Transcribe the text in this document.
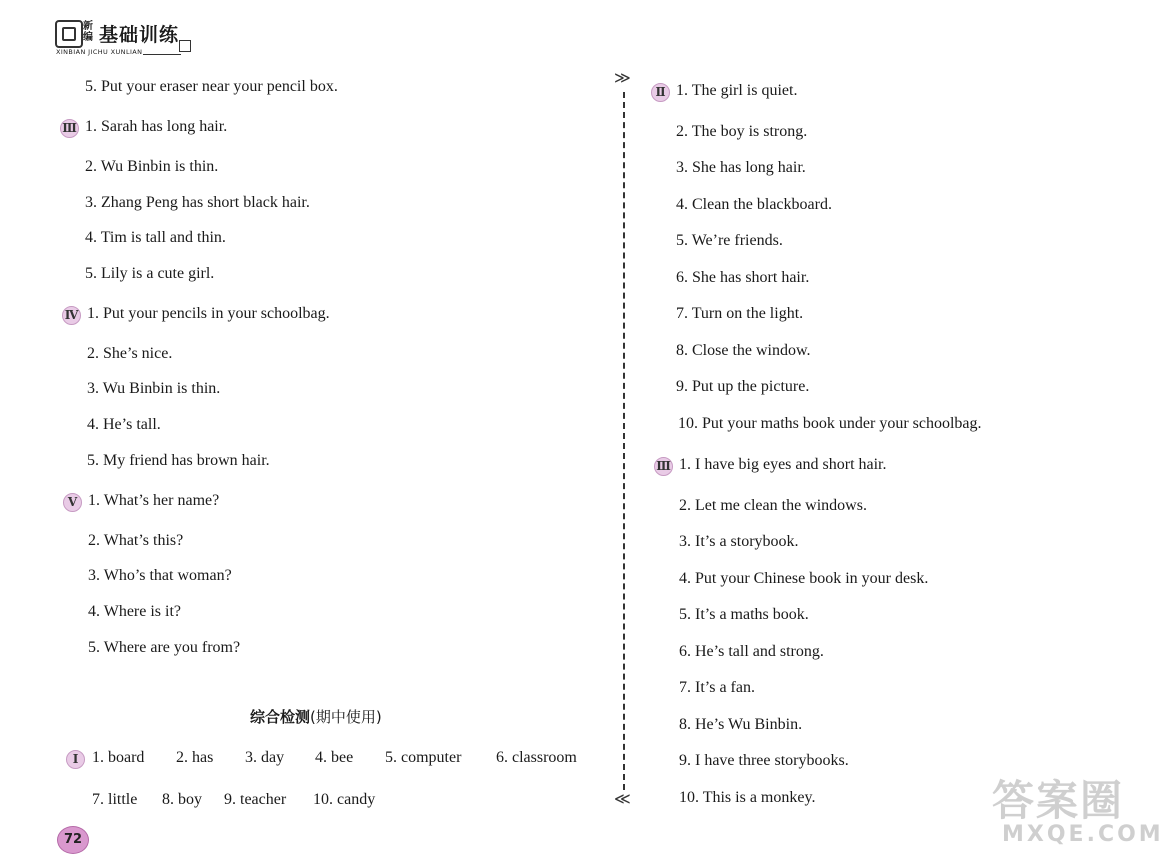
新编 基础训练
XINBIAN JICHU XUNLIAN
≫
≪
5. Put your eraser near your pencil box.
Ⅲ 1. Sarah has long hair.
2. Wu Binbin is thin.
3. Zhang Peng has short black hair.
4. Tim is tall and thin.
5. Lily is a cute girl.
Ⅳ 1. Put your pencils in your schoolbag.
2. She’s nice.
3. Wu Binbin is thin.
4. He’s tall.
5. My friend has brown hair.
Ⅴ 1. What’s her name?
2. What’s this?
3. Who’s that woman?
4. Where is it?
5. Where are you from?
综合检测(期中使用)
Ⅰ 1. board 2. has 3. day 4. bee 5. computer 6. classroom
7. little 8. boy 9. teacher 10. candy
Ⅱ 1. The girl is quiet.
2. The boy is strong.
3. She has long hair.
4. Clean the blackboard.
5. We’re friends.
6. She has short hair.
7. Turn on the light.
8. Close the window.
9. Put up the picture.
10. Put your maths book under your schoolbag.
Ⅲ 1. I have big eyes and short hair.
2. Let me clean the windows.
3. It’s a storybook.
4. Put your Chinese book in your desk.
5. It’s a maths book.
6. He’s tall and strong.
7. It’s a fan.
8. He’s Wu Binbin.
9. I have three storybooks.
10. This is a monkey.
72
答案圈
MXQE.COM
